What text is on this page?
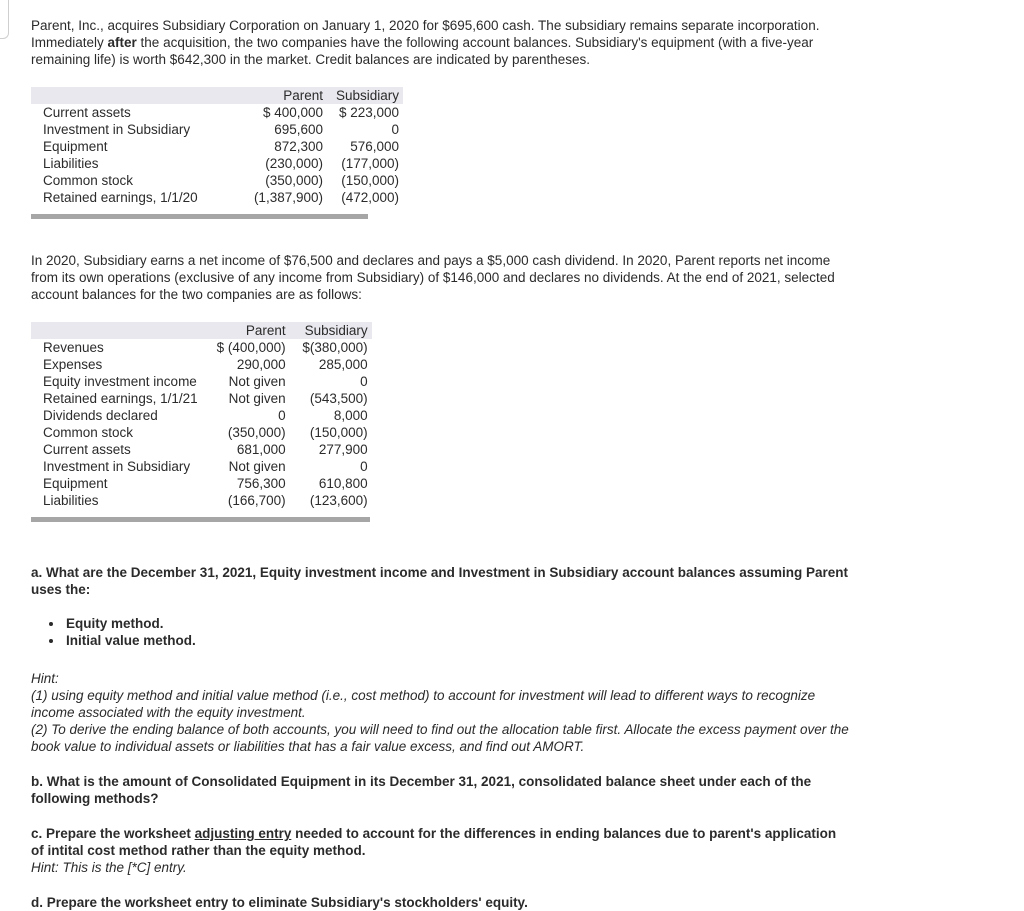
Parent, Inc., acquires Subsidiary Corporation on January 1, 2020 for $695,600 cash. The subsidiary remains separate incorporation. Immediately after the acquisition, the two companies have the following account balances. Subsidiary's equipment (with a five-year remaining life) is worth $642,300 in the market. Credit balances are indicated by parentheses.

	Parent	Subsidiary
Current assets	$ 400,000	$ 223,000
Investment in Subsidiary	695,600	0
Equipment	872,300	576,000
Liabilities	(230,000)	(177,000)
Common stock	(350,000)	(150,000)
Retained earnings, 1/1/20	(1,387,900)	(472,000)

In 2020, Subsidiary earns a net income of $76,500 and declares and pays a $5,000 cash dividend. In 2020, Parent reports net income from its own operations (exclusive of any income from Subsidiary) of $146,000 and declares no dividends. At the end of 2021, selected account balances for the two companies are as follows:

	Parent	Subsidiary
Revenues	$ (400,000)	$(380,000)
Expenses	290,000	285,000
Equity investment income	Not given	0
Retained earnings, 1/1/21	Not given	(543,500)
Dividends declared	0	8,000
Common stock	(350,000)	(150,000)
Current assets	681,000	277,900
Investment in Subsidiary	Not given	0
Equipment	756,300	610,800
Liabilities	(166,700)	(123,600)

a. What are the December 31, 2021, Equity investment income and Investment in Subsidiary account balances assuming Parent uses the:

• Equity method.
• Initial value method.

Hint:

(1) using equity method and initial value method (i.e., cost method) to account for investment will lead to different ways to recognize income associated with the equity investment.

(2) To derive the ending balance of both accounts, you will need to find out the allocation table first. Allocate the excess payment over the book value to individual assets or liabilities that has a fair value excess, and find out AMORT.

b. What is the amount of Consolidated Equipment in its December 31, 2021, consolidated balance sheet under each of the following methods?

c. Prepare the worksheet adjusting entry needed to account for the differences in ending balances due to parent's application of intital cost method rather than the equity method.

Hint: This is the [*C] entry.

d. Prepare the worksheet entry to eliminate Subsidiary's stockholders' equity.
